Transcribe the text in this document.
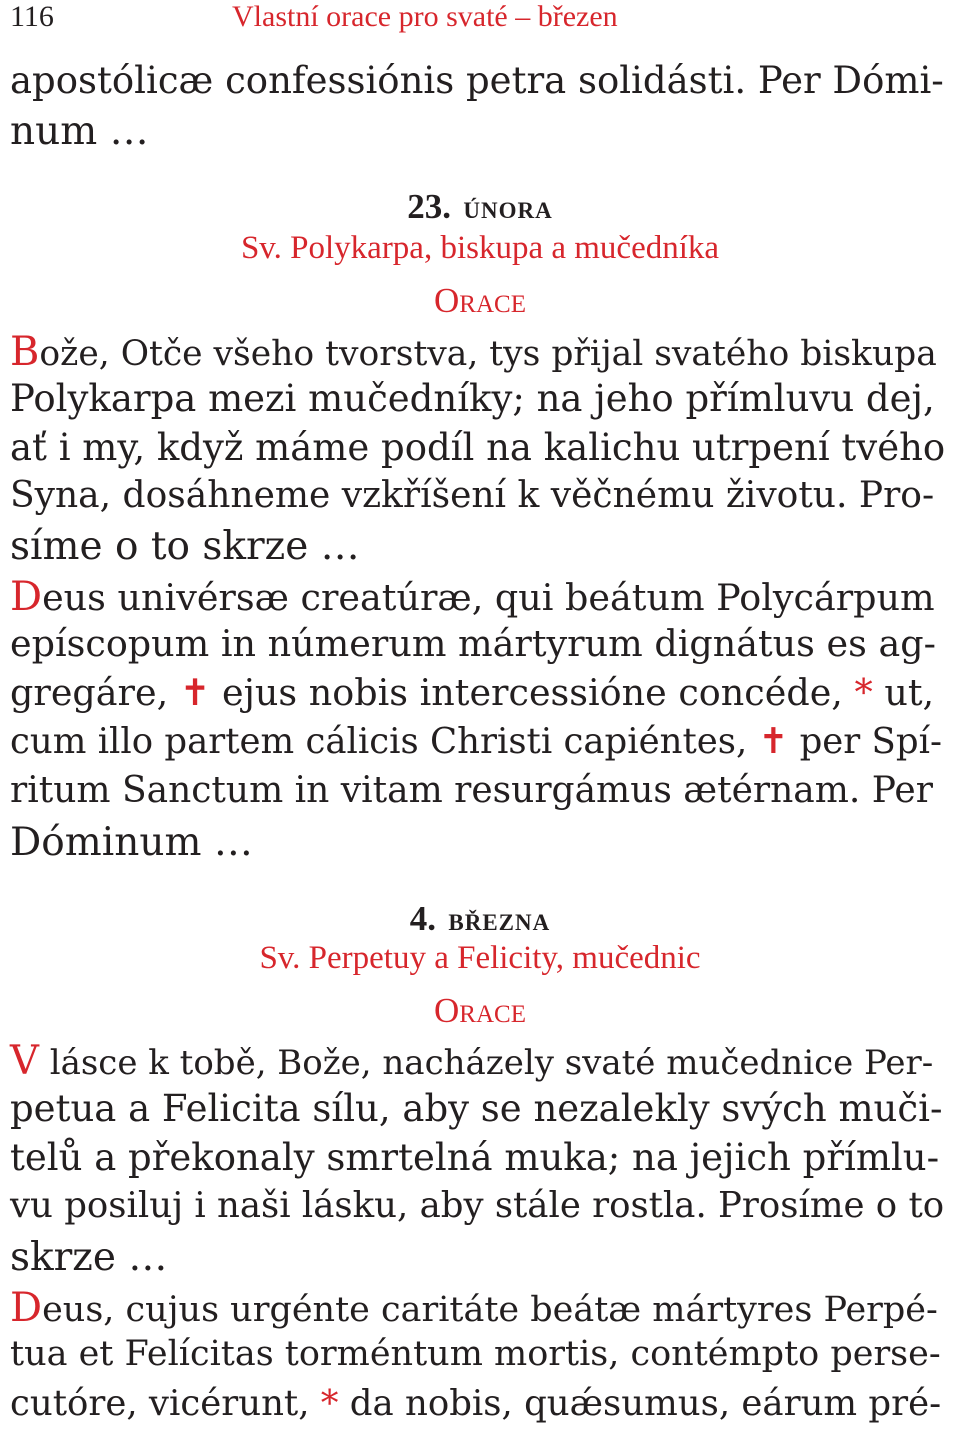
116	Vlastní orace pro svaté – březen
apostólicæ confessiónis petra solidásti. Per Dómi-
num …
23. února
Sv. Polykarpa, biskupa a mučedníka
Orace
Bože, Otče všeho tvorstva, tys přijal svatého biskupa
Polykarpa mezi mučedníky; na jeho přímluvu dej,
ať i my, když máme podíl na kalichu utrpení tvého
Syna, dosáhneme vzkříšení k věčnému životu. Pro-
síme o to skrze …
Deus univérsæ creatúræ, qui beátum Polycárpum
epíscopum in númerum mártyrum dignátus es ag-
gregáre, ✝ ejus nobis intercessióne concéde, * ut,
cum illo partem cálicis Christi capiéntes, ✝ per Spí-
ritum Sanctum in vitam resurgámus ætérnam. Per
Dóminum …
4. března
Sv. Perpetuy a Felicity, mučednic
Orace
V lásce k tobě, Bože, nacházely svaté mučednice Per-
petua a Felicita sílu, aby se nezalekly svých muči-
telů a překonaly smrtelná muka; na jejich přímlu-
vu posiluj i naši lásku, aby stále rostla. Prosíme o to
skrze …
Deus, cujus urgénte caritáte beátæ mártyres Perpé-
tua et Felícitas torméntum mortis, contémpto perse-
cutóre, vicérunt, * da nobis, quǽsumus, eárum pré-
